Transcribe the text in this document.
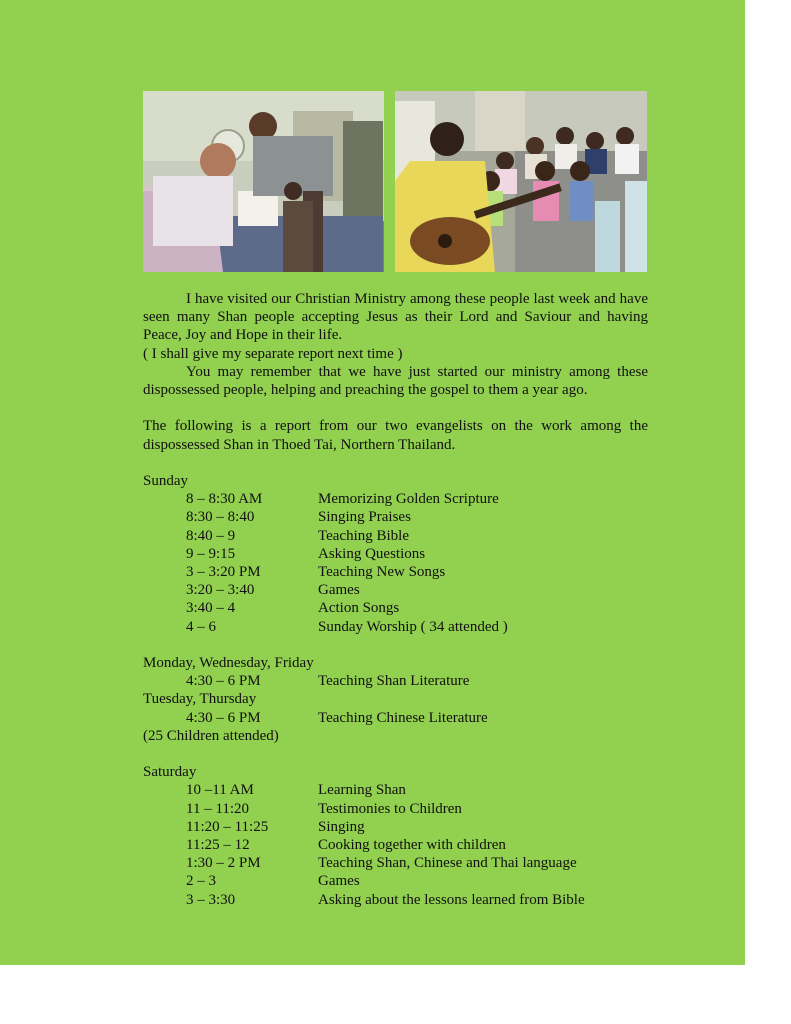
I have visited our Christian Ministry among these people last week and have seen many Shan people accepting Jesus as their Lord and Saviour and having Peace, Joy and Hope in their life.

( I shall give my separate report next time )

You may remember that we have just started our ministry among these dispossessed people, helping and preaching the gospel to them a year ago.

The following is a report from our two evangelists on the work among the dispossessed Shan in Thoed Tai, Northern Thailand.

Sunday

8 – 8:30 AM	Memorizing Golden Scripture
8:30 – 8:40	Singing Praises
8:40 – 9	Teaching Bible
9 – 9:15	Asking Questions
3 – 3:20 PM	Teaching New Songs
3:20 – 3:40	Games
3:40 – 4	Action Songs
4 – 6	Sunday Worship ( 34 attended )

Monday, Wednesday, Friday

4:30 – 6 PM	Teaching Shan Literature

Tuesday, Thursday

4:30 – 6 PM	Teaching Chinese Literature

(25 Children attended)

Saturday

10 –11 AM	Learning Shan
11 – 11:20	Testimonies to Children
11:20 – 11:25	Singing
11:25 – 12	Cooking together with children
1:30 – 2 PM	Teaching Shan, Chinese and Thai language
2 – 3	Games
3 – 3:30	Asking about the lessons learned from Bible
